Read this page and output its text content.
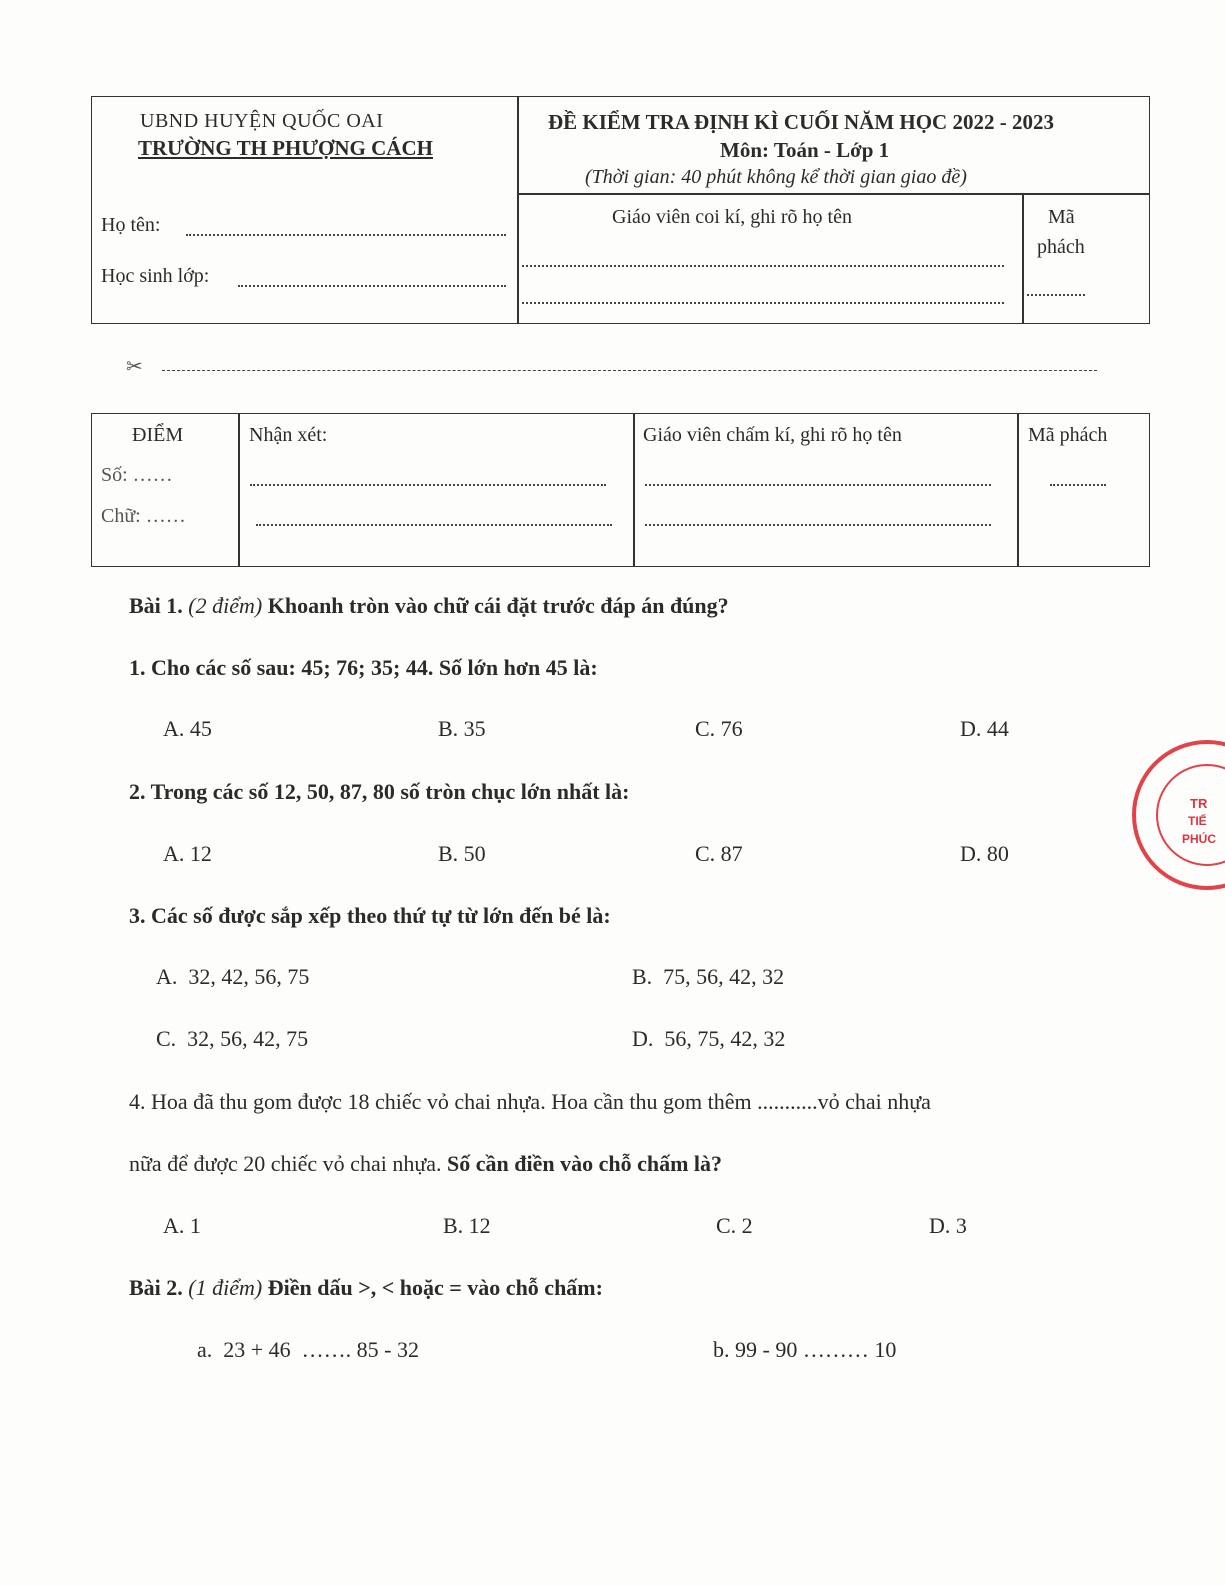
UBND HUYỆN QUỐC OAI
TRƯỜNG TH PHƯỢNG CÁCH
ĐỀ KIỂM TRA ĐỊNH KÌ CUỐI NĂM HỌC 2022 - 2023
Môn: Toán - Lớp 1
(Thời gian: 40 phút không kể thời gian giao đề)
Họ tên:
Học sinh lớp:
Giáo viên coi kí, ghi rõ họ tên	Mã
phách
✂
ĐIỂM
Số: ……
Chữ: ……
Nhận xét:	Giáo viên chấm kí, ghi rõ họ tên	Mã phách
Bài 1. (2 điểm) Khoanh tròn vào chữ cái đặt trước đáp án đúng?
1. Cho các số sau: 45; 76; 35; 44. Số lớn hơn 45 là:
A. 45	B. 35	C. 76	D. 44
2. Trong các số 12, 50, 87, 80 số tròn chục lớn nhất là:
A. 12	B. 50	C. 87	D. 80
3. Các số được sắp xếp theo thứ tự từ lớn đến bé là:
A.  32, 42, 56, 75	B.  75, 56, 42, 32
C.  32, 56, 42, 75	D.  56, 75, 42, 32
4. Hoa đã thu gom được 18 chiếc vỏ chai nhựa. Hoa cần thu gom thêm ...........vỏ chai nhựa
nữa để được 20 chiếc vỏ chai nhựa. Số cần điền vào chỗ chấm là?
A. 1	B. 12	C. 2	D. 3
Bài 2. (1 điểm) Điền dấu >, < hoặc = vào chỗ chấm:
a.  23 + 46  ……. 85 - 32	b. 99 - 90 ……… 10
TR
TIỂ
PHÚC
